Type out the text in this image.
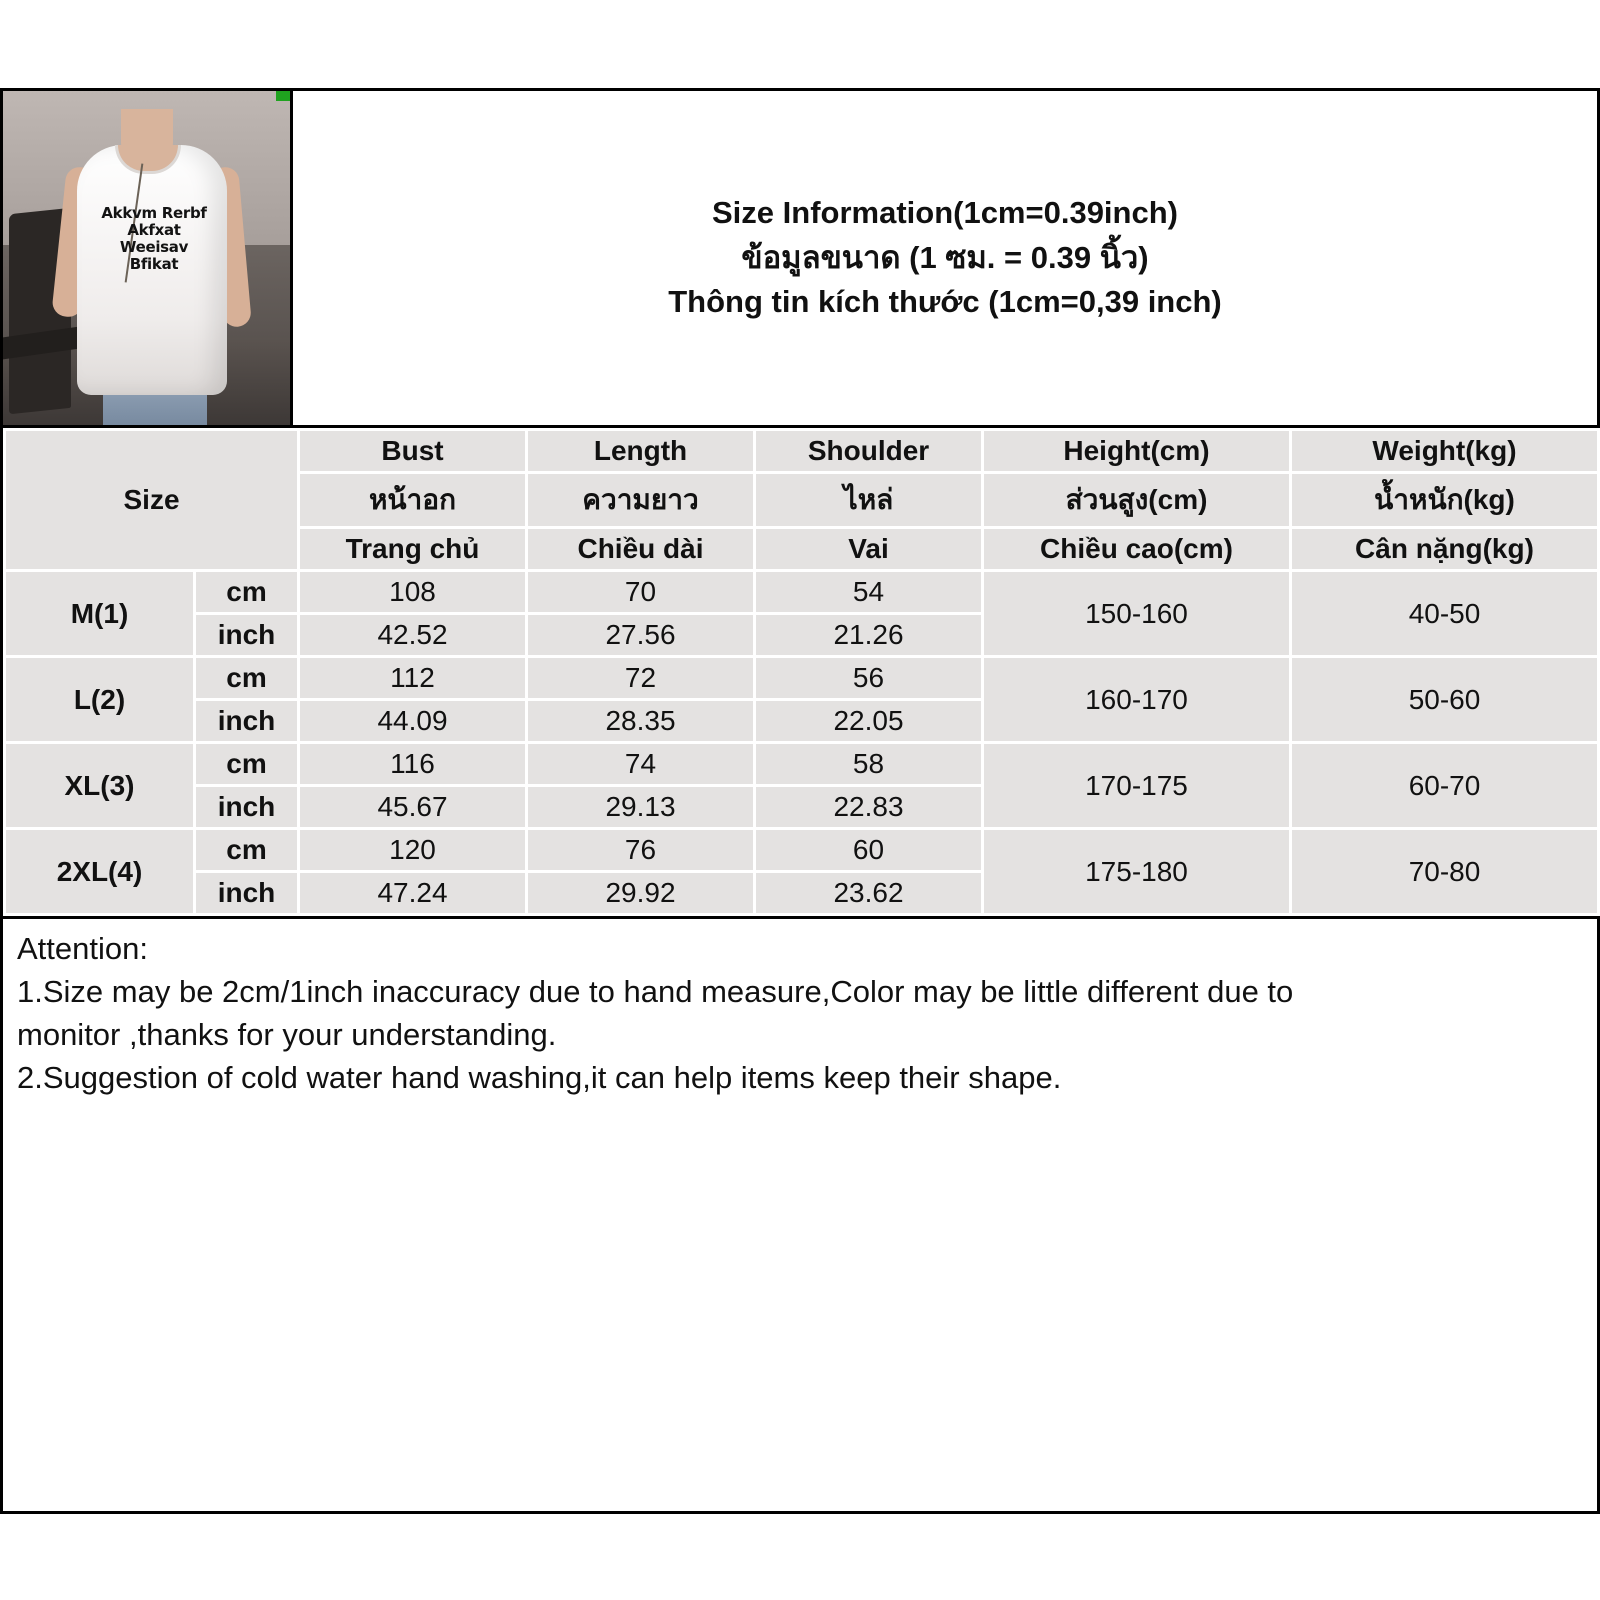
Akkvm Rerbf Akfxat Weeisav Bfikat
Size Information(1cm=0.39inch)
ข้อมูลขนาด (1 ซม. = 0.39 นิ้ว)
Thông tin kích thước (1cm=0,39 inch)
Size		Bust	Length	Shoulder	Height(cm)	Weight(kg)
		หน้าอก	ความยาว	ไหล่	ส่วนสูง(cm)	น้ำหนัก(kg)
		Trang chủ	Chiều dài	Vai	Chiều cao(cm)	Cân nặng(kg)
M(1)	cm	108	70	54	150-160	40-50
	inch	42.52	27.56	21.26		
L(2)	cm	112	72	56	160-170	50-60
	inch	44.09	28.35	22.05		
XL(3)	cm	116	74	58	170-175	60-70
	inch	45.67	29.13	22.83		
2XL(4)	cm	120	76	60	175-180	70-80
	inch	47.24	29.92	23.62		
Attention:
1.Size may be 2cm/1inch inaccuracy due to hand measure,Color may be little different due to
monitor ,thanks for your understanding.
2.Suggestion of cold water hand washing,it can help items keep their shape.
